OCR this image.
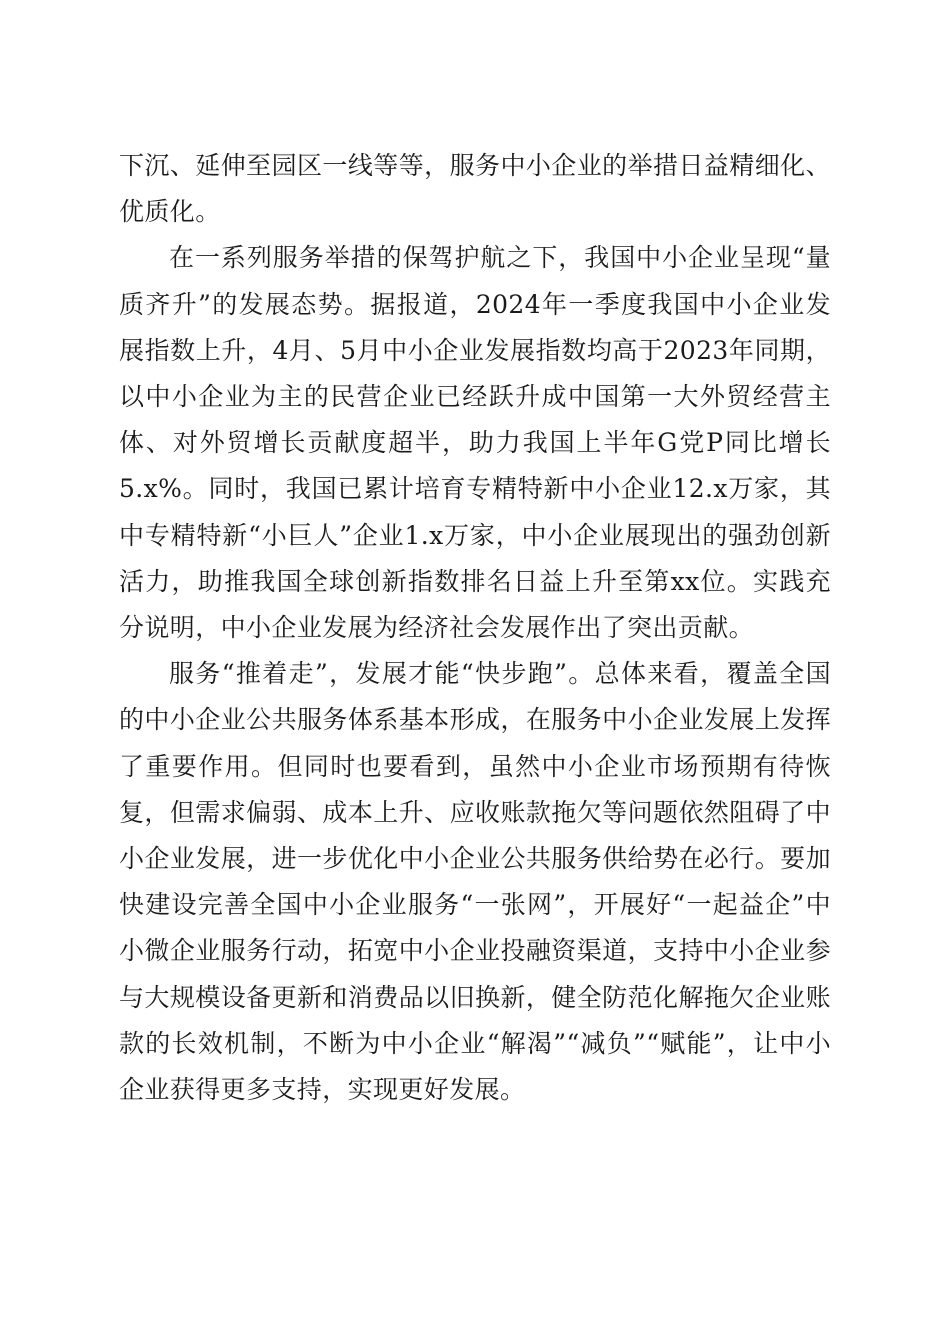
下沉、延伸至园区一线等等，服务中小企业的举措日益精细化、优质化。

在一系列服务举措的保驾护航之下，我国中小企业呈现“量质齐升”的发展态势。据报道，2024年一季度我国中小企业发展指数上升，4月、5月中小企业发展指数均高于2023年同期，以中小企业为主的民营企业已经跃升成中国第一大外贸经营主体、对外贸增长贡献度超半，助力我国上半年G党P同比增长5.x%。同时，我国已累计培育专精特新中小企业12.x万家，其中专精特新“小巨人”企业1.x万家，中小企业展现出的强劲创新活力，助推我国全球创新指数排名日益上升至第xx位。实践充分说明，中小企业发展为经济社会发展作出了突出贡献。

服务“推着走”，发展才能“快步跑”。总体来看，覆盖全国的中小企业公共服务体系基本形成，在服务中小企业发展上发挥了重要作用。但同时也要看到，虽然中小企业市场预期有待恢复，但需求偏弱、成本上升、应收账款拖欠等问题依然阻碍了中小企业发展，进一步优化中小企业公共服务供给势在必行。要加快建设完善全国中小企业服务“一张网”，开展好“一起益企”中小微企业服务行动，拓宽中小企业投融资渠道，支持中小企业参与大规模设备更新和消费品以旧换新，健全防范化解拖欠企业账款的长效机制，不断为中小企业“解渴”“减负”“赋能”，让中小企业获得更多支持，实现更好发展。
